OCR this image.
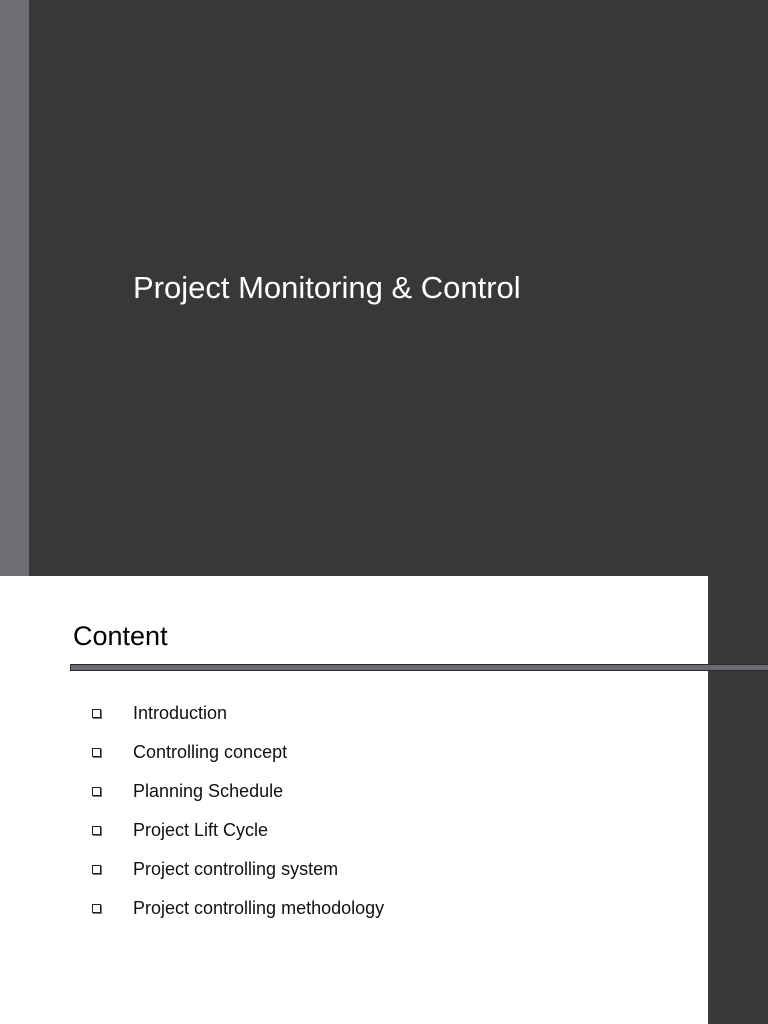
Project Monitoring & Control
Content
Introduction
Controlling concept
Planning Schedule
Project Lift Cycle
Project controlling system
Project controlling methodology
